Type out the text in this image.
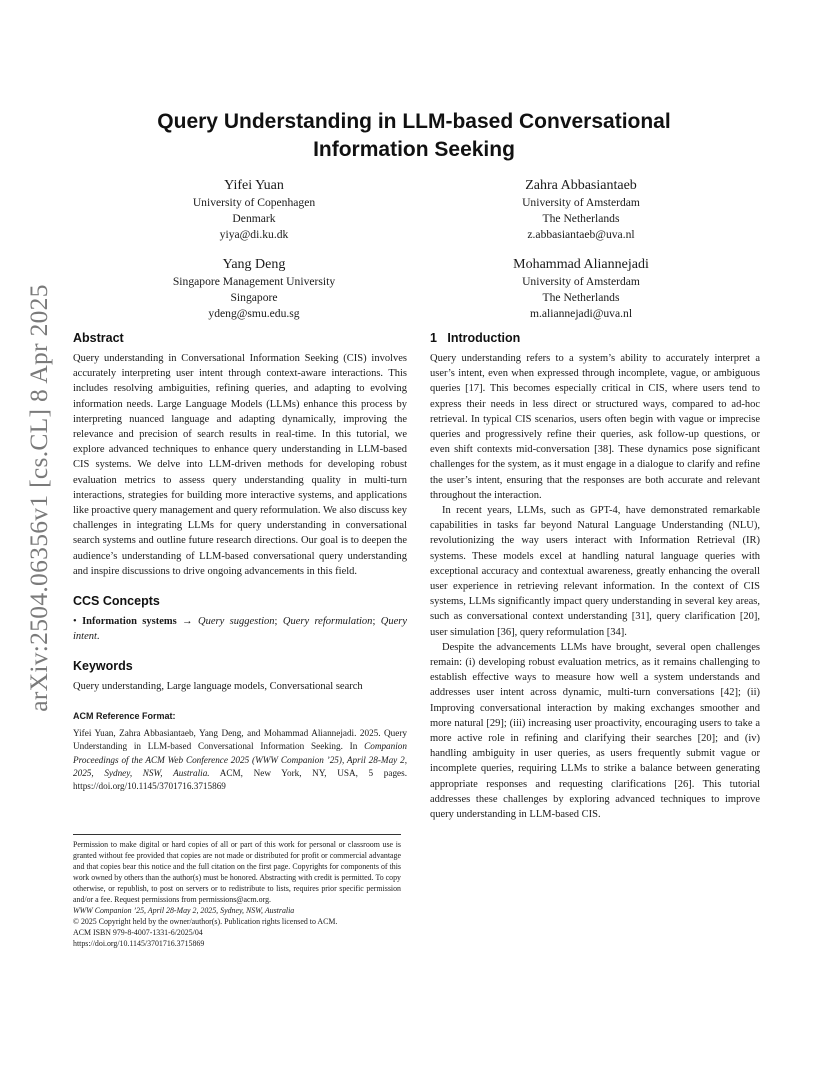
arXiv:2504.06356v1 [cs.CL] 8 Apr 2025
Query Understanding in LLM-based Conversational Information Seeking
Yifei Yuan
University of Copenhagen
Denmark
yiya@di.ku.dk
Zahra Abbasiantaeb
University of Amsterdam
The Netherlands
z.abbasiantaeb@uva.nl
Yang Deng
Singapore Management University
Singapore
ydeng@smu.edu.sg
Mohammad Aliannejadi
University of Amsterdam
The Netherlands
m.aliannejadi@uva.nl
Abstract

Query understanding in Conversational Information Seeking (CIS) involves accurately interpreting user intent through context-aware interactions. This includes resolving ambiguities, refining queries, and adapting to evolving information needs. Large Language Models (LLMs) enhance this process by interpreting nuanced language and adapting dynamically, improving the relevance and precision of search results in real-time. In this tutorial, we explore advanced techniques to enhance query understanding in LLM-based CIS systems. We delve into LLM-driven methods for developing robust evaluation metrics to assess query understanding quality in multi-turn interactions, strategies for building more interactive systems, and applications like proactive query management and query reformulation. We also discuss key challenges in integrating LLMs for query understanding in conversational search systems and outline future research directions. Our goal is to deepen the audience’s understanding of LLM-based conversational query understanding and inspire discussions to drive ongoing advancements in this field.

CCS Concepts

• Information systems → Query suggestion; Query reformulation; Query intent.

Keywords

Query understanding, Large language models, Conversational search

ACM Reference Format:

Yifei Yuan, Zahra Abbasiantaeb, Yang Deng, and Mohammad Aliannejadi. 2025. Query Understanding in LLM-based Conversational Information Seeking. In Companion Proceedings of the ACM Web Conference 2025 (WWW Companion ’25), April 28-May 2, 2025, Sydney, NSW, Australia. ACM, New York, NY, USA, 5 pages. https://doi.org/10.1145/3701716.3715869

Permission to make digital or hard copies of all or part of this work for personal or classroom use is granted without fee provided that copies are not made or distributed for profit or commercial advantage and that copies bear this notice and the full citation on the first page. Copyrights for components of this work owned by others than the author(s) must be honored. Abstracting with credit is permitted. To copy otherwise, or republish, to post on servers or to redistribute to lists, requires prior specific permission and/or a fee. Request permissions from permissions@acm.org.

WWW Companion ’25, April 28-May 2, 2025, Sydney, NSW, Australia

© 2025 Copyright held by the owner/author(s). Publication rights licensed to ACM.

ACM ISBN 979-8-4007-1331-6/2025/04

https://doi.org/10.1145/3701716.3715869

1   Introduction

Query understanding refers to a system’s ability to accurately interpret a user’s intent, even when expressed through incomplete, vague, or ambiguous queries [17]. This becomes especially critical in CIS, where users tend to express their needs in less direct or structured ways, compared to ad-hoc retrieval. In typical CIS scenarios, users often begin with vague or imprecise queries and progressively refine their queries, ask follow-up questions, or even shift contexts mid-conversation [38]. These dynamics pose significant challenges for the system, as it must engage in a dialogue to clarify and refine the user’s intent, ensuring that the responses are both accurate and relevant throughout the interaction.

In recent years, LLMs, such as GPT-4, have demonstrated remarkable capabilities in tasks far beyond Natural Language Understanding (NLU), revolutionizing the way users interact with Information Retrieval (IR) systems. These models excel at handling natural language queries with exceptional accuracy and contextual awareness, greatly enhancing the overall user experience in retrieving relevant information. In the context of CIS systems, LLMs significantly impact query understanding in several key areas, such as conversational context understanding [31], query clarification [20], user simulation [36], query reformulation [34].

Despite the advancements LLMs have brought, several open challenges remain: (i) developing robust evaluation metrics, as it remains challenging to establish effective ways to measure how well a system understands and addresses user intent across dynamic, multi-turn conversations [42]; (ii) Improving conversational interaction by making exchanges smoother and more natural [29]; (iii) increasing user proactivity, encouraging users to take a more active role in refining and clarifying their searches [20]; and (iv) handling ambiguity in user queries, as users frequently submit vague or incomplete queries, requiring LLMs to strike a balance between generating appropriate responses and requesting clarifications [26]. This tutorial addresses these challenges by exploring advanced techniques to improve query understanding in LLM-based CIS.
